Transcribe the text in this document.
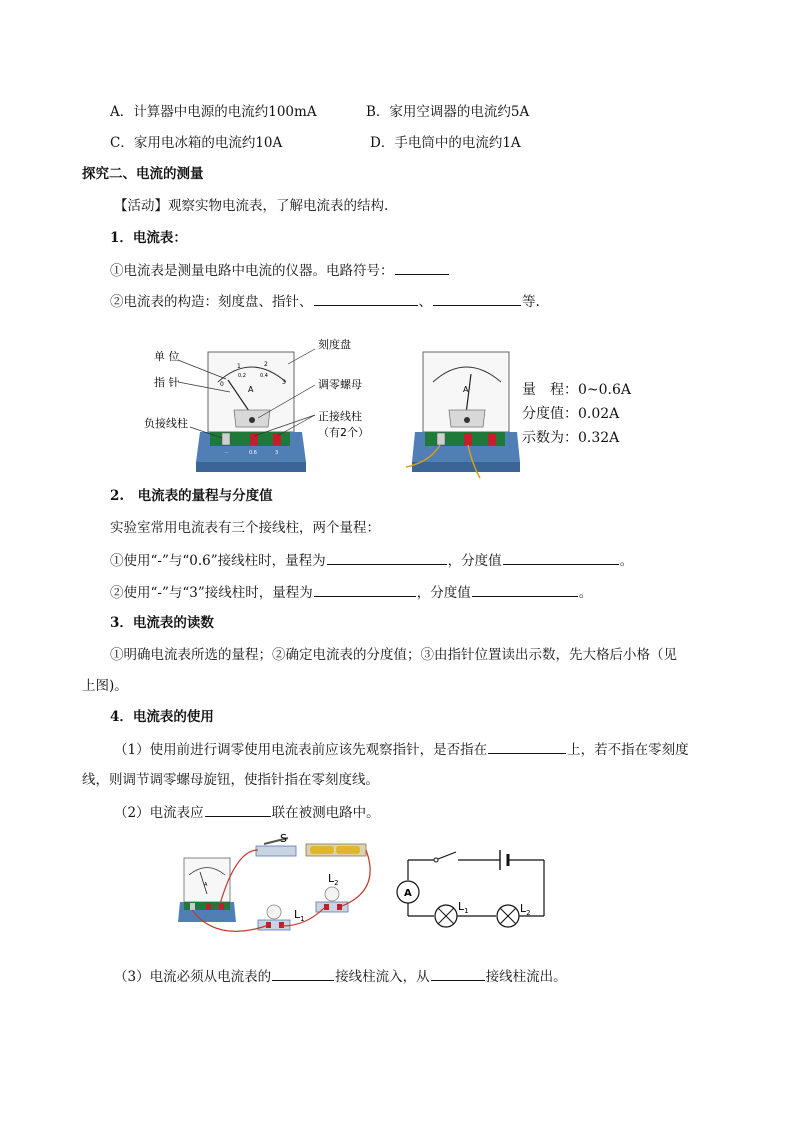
A．计算器中电源的电流约100mA	B．家用空调器的电流约5A
C．家用电冰箱的电流约10A	D．手电筒中的电流约1A
探究二、电流的测量
【活动】观察实物电流表，了解电流表的结构.
1．电流表：
①电流表是测量电路中电流的仪器。电路符号：
②电流表的构造：刻度盘、指针、	、	等.
0
1	2
3
0.2	0.4
A
－	0.6	3
单 位
指 针
负接线柱
刻度盘
调零螺母
正接线柱
（有2个）
A	量　程：0~0.6A
分度值：0.02A
示数为：0.32A
2.　电流表的量程与分度值
实验室常用电流表有三个接线柱，两个量程：
①使用“-”与“0.6”接线柱时，量程为	，分度值	。
②使用“-”与“3”接线柱时，量程为	，分度值	。
3．电流表的读数
①明确电流表所选的量程；②确定电流表的分度值；③由指针位置读出示数，先大格后小格（见
上图)。
4．电流表的使用
（1）使用前进行调零使用电流表前应该先观察指针，是否指在	上，若不指在零刻度
线，则调节调零螺母旋钮，使指针指在零刻度线。
（2）电流表应	联在被测电路中。
A
S
$L_1$
$L_2$
A
$L_1$	$L_2$
（3）电流必须从电流表的	接线柱流入，从	接线柱流出。
